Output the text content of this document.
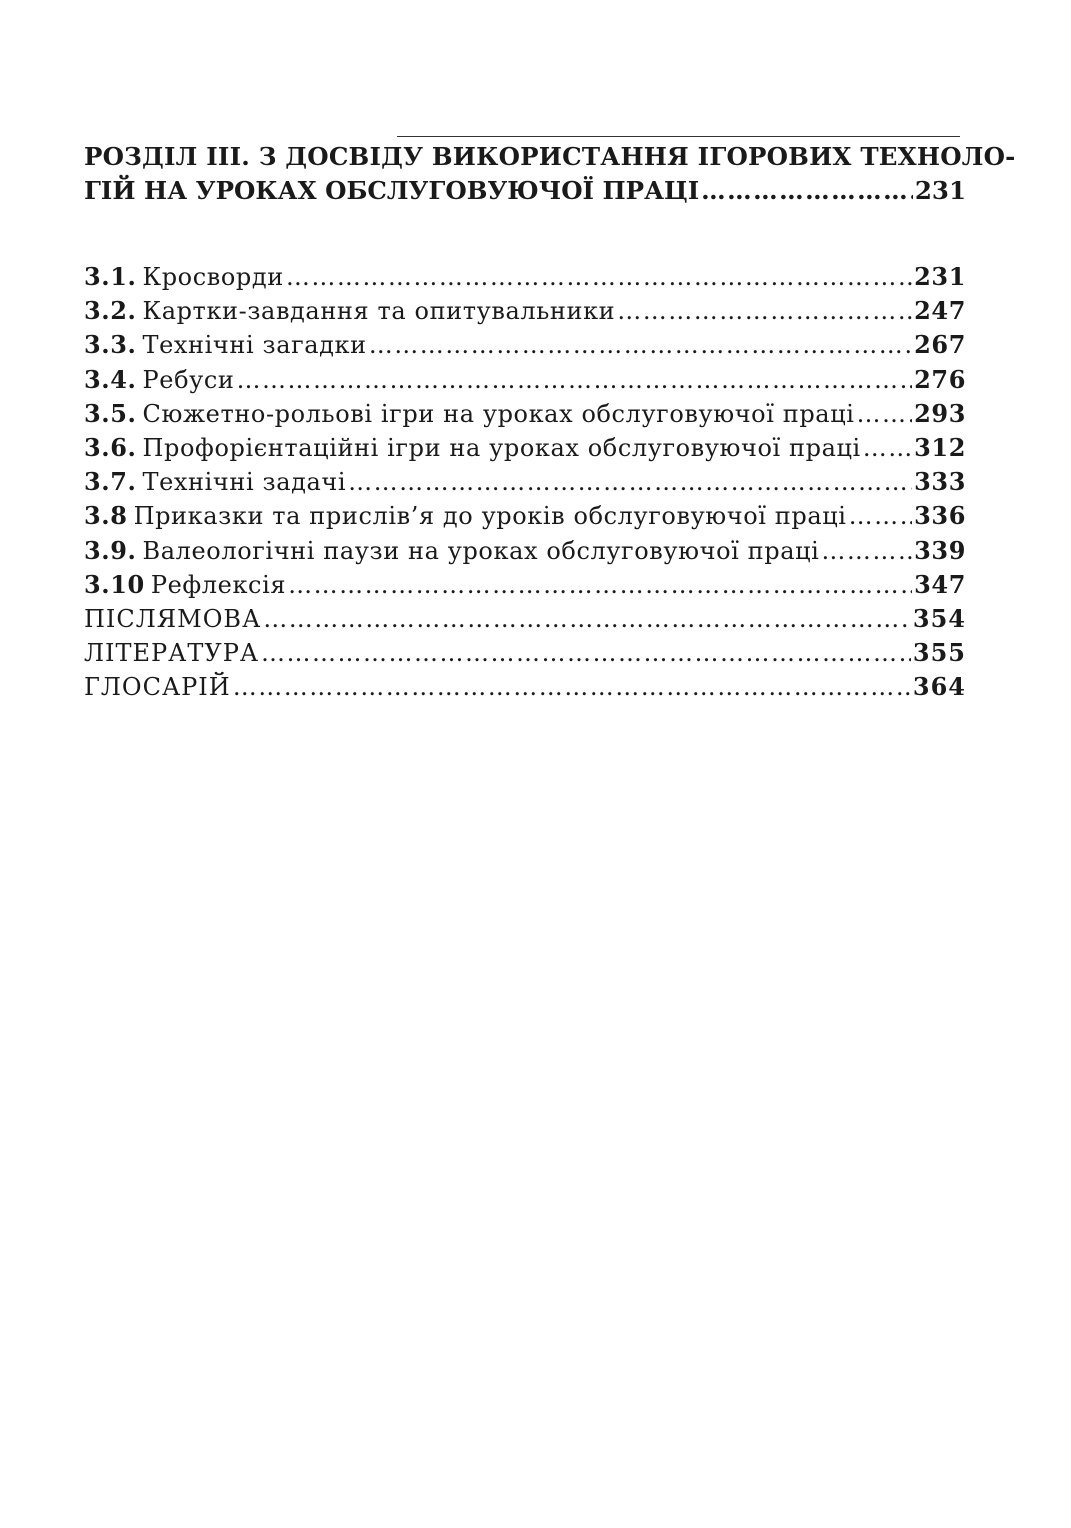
РОЗДІЛ ІІІ. З ДОСВІДУ ВИКОРИСТАННЯ ІГОРОВИХ ТЕХНОЛО-
ГІЙ НА УРОКАХ ОБСЛУГОВУЮЧОЇ ПРАЦІ ………………………………………………………………………………………………………………………………………………………………	231
3.1. Кросворди ………………………………………………………………………………………………………………………………………………………………	231
3.2. Картки-завдання та опитувальники ………………………………………………………………………………………………………………………………………………………………	247
3.3. Технічні загадки ………………………………………………………………………………………………………………………………………………………………	267
3.4. Ребуси ………………………………………………………………………………………………………………………………………………………………	276
3.5. Сюжетно-рольові ігри на уроках обслуговуючої праці ……………………………………………………………………………………………………………………………………………………………… 293
3.6. Профорієнтаційні ігри на уроках обслуговуючої праці ……………………………………………………………………………………………………………………………………………………………… 312
3.7. Технічні задачі ………………………………………………………………………………………………………………………………………………………………	333
3.8 Приказки та прислів’я до уроків обслуговуючої праці ………………………………………………………………………………………………………………………………………………………………	336
3.9. Валеологічні паузи на уроках обслуговуючої праці ………………………………………………………………………………………………………………………………………………………………	339
3.10 Рефлексія ………………………………………………………………………………………………………………………………………………………………	347
ПІСЛЯМОВА ………………………………………………………………………………………………………………………………………………………………	354
ЛІТЕРАТУРА ………………………………………………………………………………………………………………………………………………………………	355
ГЛОСАРІЙ ………………………………………………………………………………………………………………………………………………………………	364
